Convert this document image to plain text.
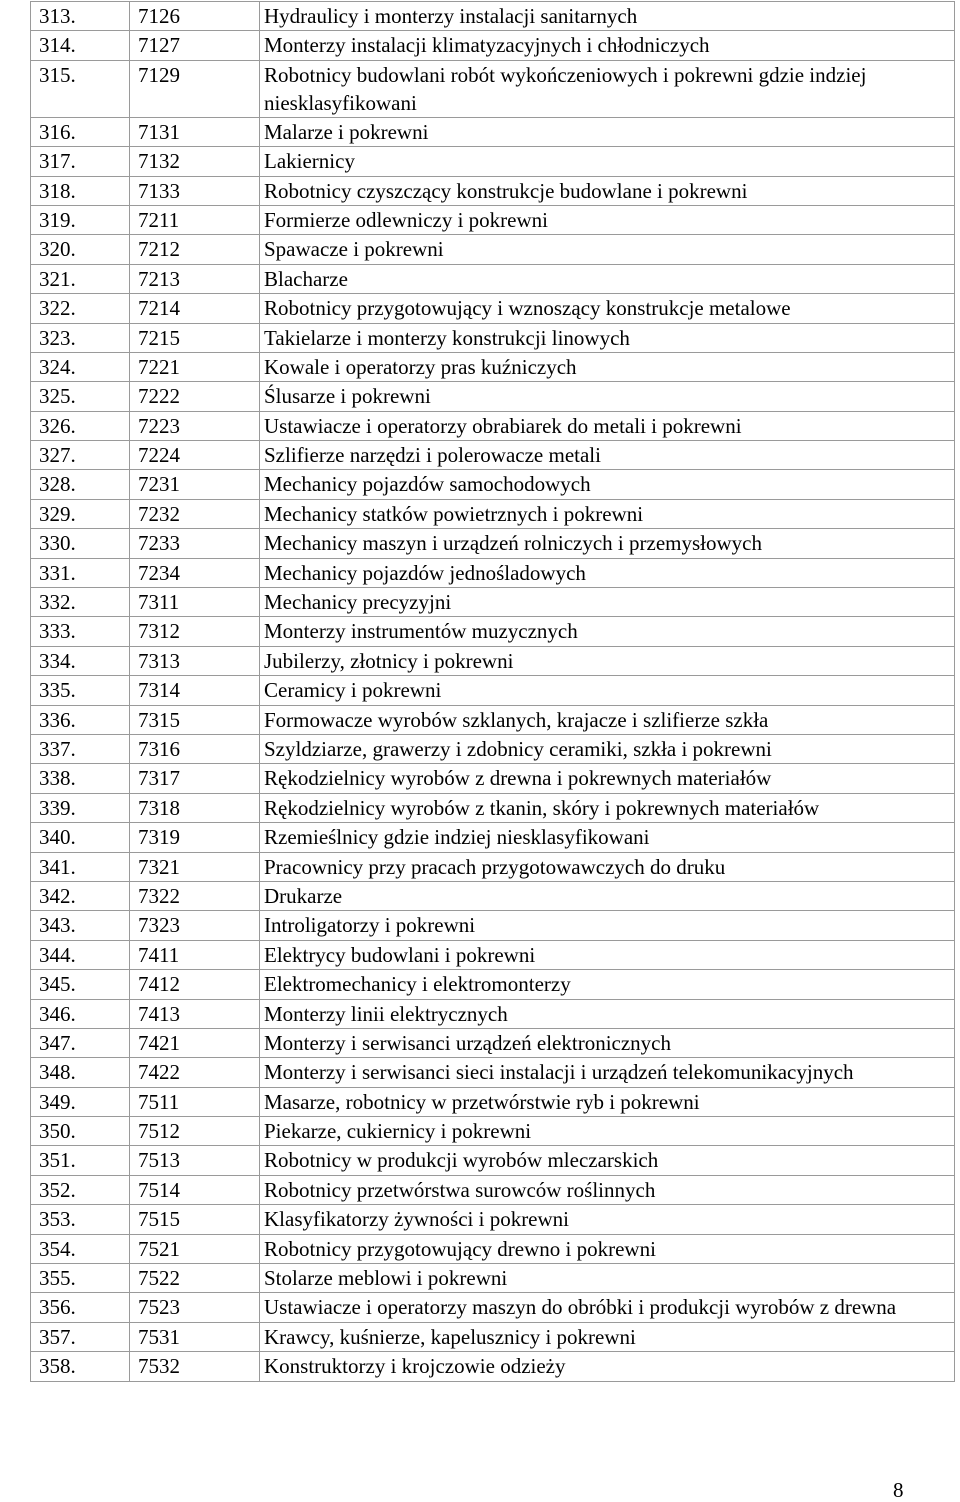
313.	7126	Hydraulicy i monterzy instalacji sanitarnych
314.	7127	Monterzy instalacji klimatyzacyjnych i chłodniczych
315.	7129	Robotnicy budowlani robót wykończeniowych i pokrewni gdzie indziej niesklasyfikowani
316.	7131	Malarze i pokrewni
317.	7132	Lakiernicy
318.	7133	Robotnicy czyszczący konstrukcje budowlane i pokrewni
319.	7211	Formierze odlewniczy i pokrewni
320.	7212	Spawacze i pokrewni
321.	7213	Blacharze
322.	7214	Robotnicy przygotowujący i wznoszący konstrukcje metalowe
323.	7215	Takielarze i monterzy konstrukcji linowych
324.	7221	Kowale i operatorzy pras kuźniczych
325.	7222	Ślusarze i pokrewni
326.	7223	Ustawiacze i operatorzy obrabiarek do metali i pokrewni
327.	7224	Szlifierze narzędzi i polerowacze metali
328.	7231	Mechanicy pojazdów samochodowych
329.	7232	Mechanicy statków powietrznych i pokrewni
330.	7233	Mechanicy maszyn i urządzeń rolniczych i przemysłowych
331.	7234	Mechanicy pojazdów jednośladowych
332.	7311	Mechanicy precyzyjni
333.	7312	Monterzy instrumentów muzycznych
334.	7313	Jubilerzy, złotnicy i pokrewni
335.	7314	Ceramicy i pokrewni
336.	7315	Formowacze wyrobów szklanych, krajacze i szlifierze szkła
337.	7316	Szyldziarze, grawerzy i zdobnicy ceramiki, szkła i pokrewni
338.	7317	Rękodzielnicy wyrobów z drewna i pokrewnych materiałów
339.	7318	Rękodzielnicy wyrobów z tkanin, skóry i pokrewnych materiałów
340.	7319	Rzemieślnicy gdzie indziej niesklasyfikowani
341.	7321	Pracownicy przy pracach przygotowawczych do druku
342.	7322	Drukarze
343.	7323	Introligatorzy i pokrewni
344.	7411	Elektrycy budowlani i pokrewni
345.	7412	Elektromechanicy i elektromonterzy
346.	7413	Monterzy linii elektrycznych
347.	7421	Monterzy i serwisanci urządzeń elektronicznych
348.	7422	Monterzy i serwisanci sieci instalacji i urządzeń telekomunikacyjnych
349.	7511	Masarze, robotnicy w przetwórstwie ryb i pokrewni
350.	7512	Piekarze, cukiernicy i pokrewni
351.	7513	Robotnicy w produkcji wyrobów mleczarskich
352.	7514	Robotnicy przetwórstwa surowców roślinnych
353.	7515	Klasyfikatorzy żywności i pokrewni
354.	7521	Robotnicy przygotowujący drewno i pokrewni
355.	7522	Stolarze meblowi i pokrewni
356.	7523	Ustawiacze i operatorzy maszyn do obróbki i produkcji wyrobów z drewna
357.	7531	Krawcy, kuśnierze, kapelusznicy i pokrewni
358.	7532	Konstruktorzy i krojczowie odzieży
8
